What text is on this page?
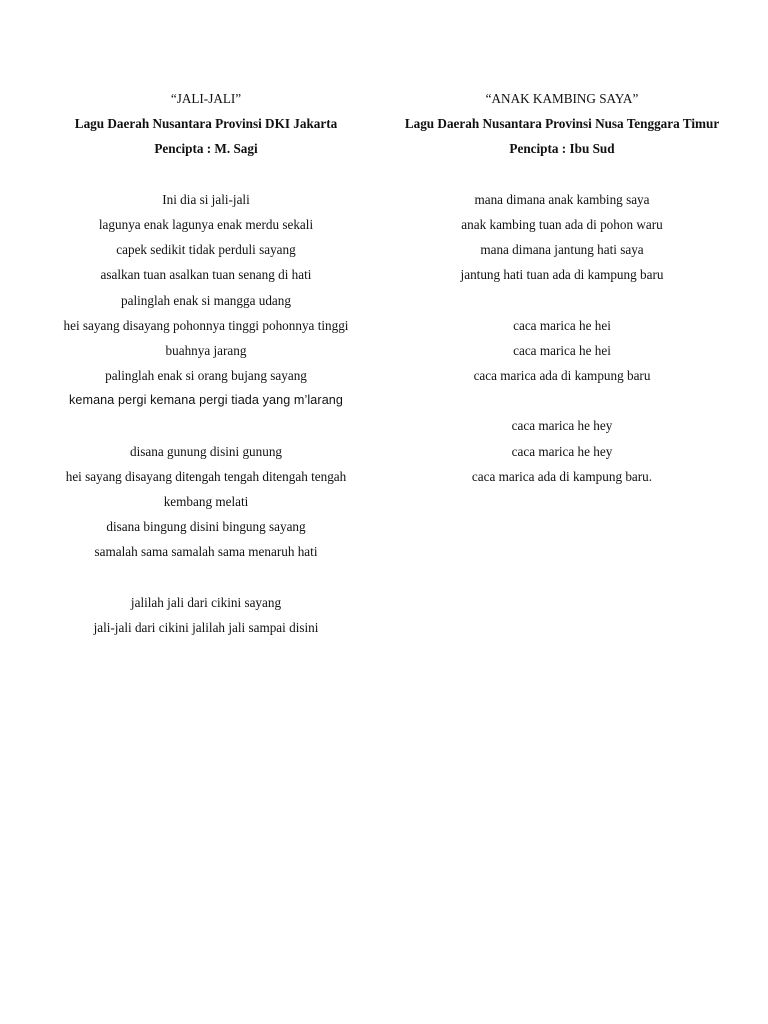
“JALI-JALI”
Lagu Daerah Nusantara Provinsi DKI Jakarta
Pencipta : M. Sagi
Ini dia si jali-jali
lagunya enak lagunya enak merdu sekali
capek sedikit tidak perduli sayang
asalkan tuan asalkan tuan senang di hati
palinglah enak si mangga udang
hei sayang disayang pohonnya tinggi pohonnya tinggi
buahnya jarang
palinglah enak si orang bujang sayang
kemana pergi kemana pergi tiada yang m’larang
disana gunung disini gunung
hei sayang disayang ditengah tengah ditengah tengah
kembang melati
disana bingung disini bingung sayang
samalah sama samalah sama menaruh hati
jalilah jali dari cikini sayang
jali-jali dari cikini jalilah jali sampai disini
“ANAK KAMBING SAYA”
Lagu Daerah Nusantara Provinsi Nusa Tenggara Timur
Pencipta : Ibu Sud
mana dimana anak kambing saya
anak kambing tuan ada di pohon waru
mana dimana jantung hati saya
jantung hati tuan ada di kampung baru
caca marica he hei
caca marica he hei
caca marica ada di kampung baru
caca marica he hey
caca marica he hey
caca marica ada di kampung baru.
